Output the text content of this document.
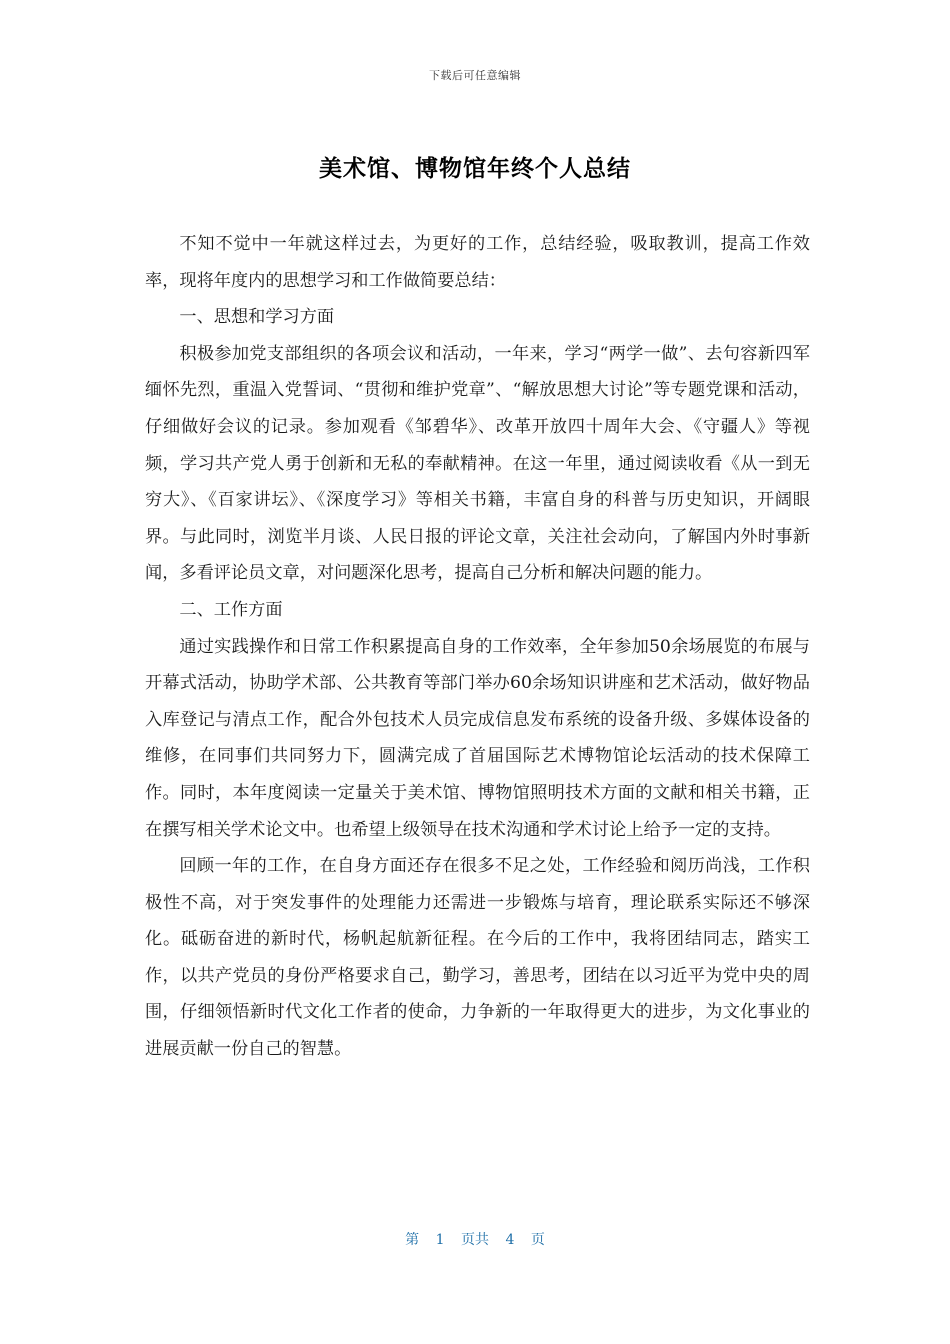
下载后可任意编辑
美术馆、博物馆年终个人总结

不知不觉中一年就这样过去，为更好的工作，总结经验，吸取教训，提高工作效率，现将年度内的思想学习和工作做简要总结：

一、思想和学习方面

积极参加党支部组织的各项会议和活动，一年来，学习“两学一做”、去句容新四军缅怀先烈，重温入党誓词、“贯彻和维护党章”、“解放思想大讨论”等专题党课和活动，仔细做好会议的记录。参加观看《邹碧华》、改革开放四十周年大会、《守疆人》等视频，学习共产党人勇于创新和无私的奉献精神。在这一年里，通过阅读收看《从一到无穷大》、《百家讲坛》、《深度学习》等相关书籍，丰富自身的科普与历史知识，开阔眼界。与此同时，浏览半月谈、人民日报的评论文章，关注社会动向，了解国内外时事新闻，多看评论员文章，对问题深化思考，提高自己分析和解决问题的能力。

二、工作方面

通过实践操作和日常工作积累提高自身的工作效率，全年参加50余场展览的布展与开幕式活动，协助学术部、公共教育等部门举办60余场知识讲座和艺术活动，做好物品入库登记与清点工作，配合外包技术人员完成信息发布系统的设备升级、多媒体设备的维修，在同事们共同努力下，圆满完成了首届国际艺术博物馆论坛活动的技术保障工作。同时，本年度阅读一定量关于美术馆、博物馆照明技术方面的文献和相关书籍，正在撰写相关学术论文中。也希望上级领导在技术沟通和学术讨论上给予一定的支持。

回顾一年的工作，在自身方面还存在很多不足之处，工作经验和阅历尚浅，工作积极性不高，对于突发事件的处理能力还需进一步锻炼与培育，理论联系实际还不够深化。砥砺奋进的新时代，杨帆起航新征程。在今后的工作中，我将团结同志，踏实工作，以共产党员的身份严格要求自己，勤学习，善思考，团结在以习近平为党中央的周围，仔细领悟新时代文化工作者的使命，力争新的一年取得更大的进步，为文化事业的进展贡献一份自己的智慧。

第 1 页共 4 页
